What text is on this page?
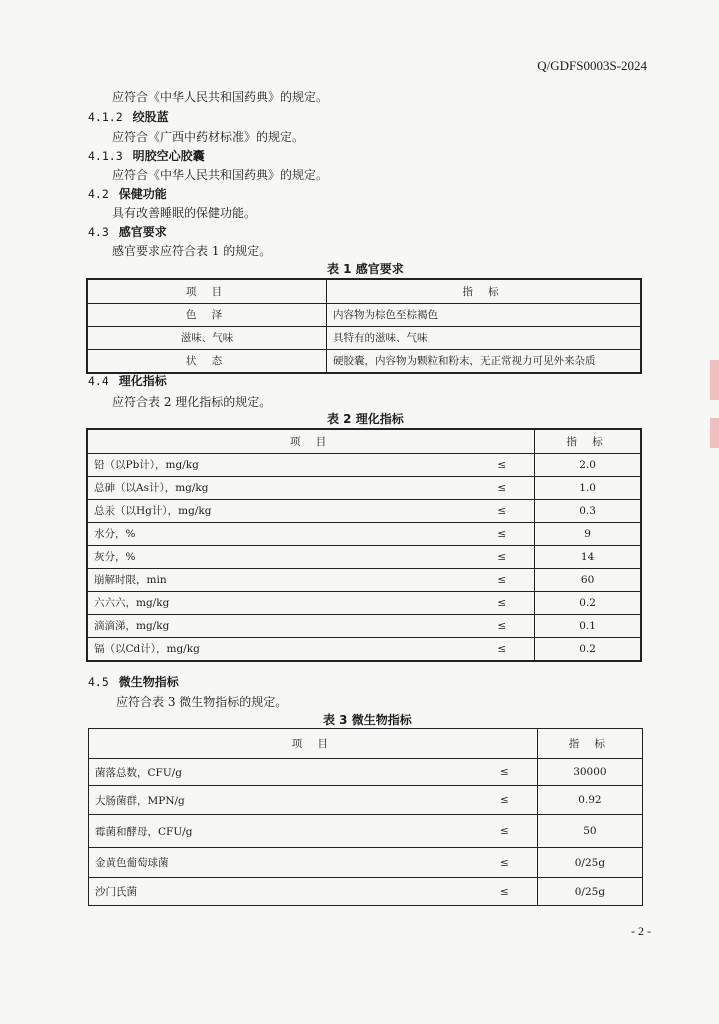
Q/GDFS0003S-2024
应符合《中华人民共和国药典》的规定。
4.1.2 绞股蓝
应符合《广西中药材标准》的规定。
4.1.3 明胶空心胶囊
应符合《中华人民共和国药典》的规定。
4.2 保健功能
具有改善睡眠的保健功能。
4.3 感官要求
感官要求应符合表 1 的规定。
表 1 感官要求
项 目	指 标
色 泽	内容物为棕色至棕褐色
滋味、气味	具特有的滋味、气味
状 态	硬胶囊，内容物为颗粒和粉末，无正常视力可见外来杂质
4.4 理化指标
应符合表 2 理化指标的规定。
表 2 理化指标
项 目		指 标
铅（以Pb计），mg/kg	≤	2.0
总砷（以As计），mg/kg	≤	1.0
总汞（以Hg计），mg/kg	≤	0.3
水分，%	≤	9
灰分，%	≤	14
崩解时限，min	≤	60
六六六，mg/kg	≤	0.2
滴滴涕，mg/kg	≤	0.1
镉（以Cd计），mg/kg	≤	0.2
4.5 微生物指标
应符合表 3 微生物指标的规定。
表 3 微生物指标
项 目		指 标
菌落总数，CFU/g	≤	30000
大肠菌群，MPN/g	≤	0.92
霉菌和酵母，CFU/g	≤	50
金黄色葡萄球菌	≤	0/25g
沙门氏菌	≤	0/25g
- 2 -
